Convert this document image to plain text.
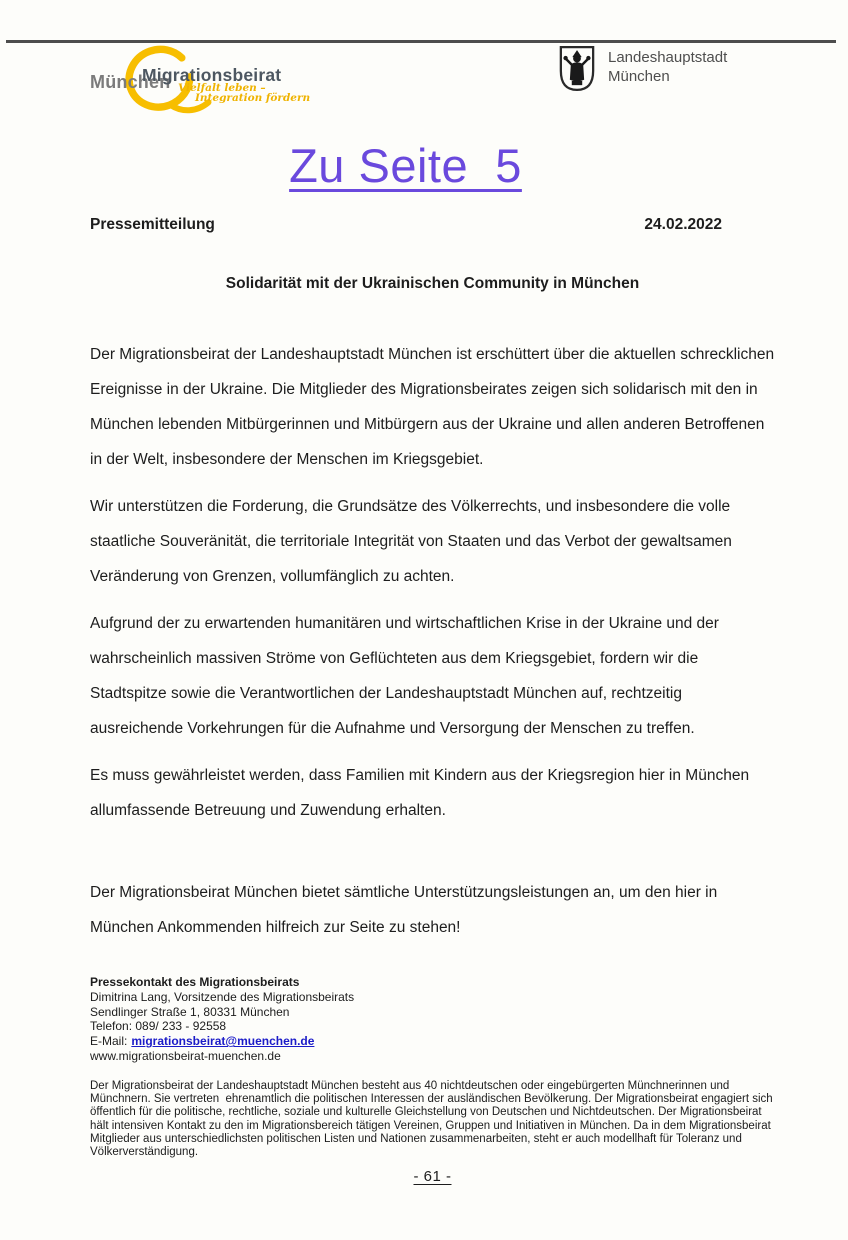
München
Migrationsbeirat
Vielfalt leben –
Integration fördern
Landeshauptstadt
München
Zu Seite  5
Pressemitteilung	24.02.2022
Solidarität mit der Ukrainischen Community in München

Der Migrationsbeirat der Landeshauptstadt München ist erschüttert über die aktuellen schrecklichen Ereignisse in der Ukraine. Die Mitglieder des Migrationsbeirates zeigen sich solidarisch mit den in München lebenden Mitbürgerinnen und Mitbürgern aus der Ukraine und allen anderen Betroffenen in der Welt, insbesondere der Menschen im Kriegsgebiet.

Wir unterstützen die Forderung, die Grundsätze des Völkerrechts, und insbesondere die volle staatliche Souveränität, die territoriale Integrität von Staaten und das Verbot der gewaltsamen Veränderung von Grenzen, vollumfänglich zu achten.

Aufgrund der zu erwartenden humanitären und wirtschaftlichen Krise in der Ukraine und der wahrscheinlich massiven Ströme von Geflüchteten aus dem Kriegsgebiet, fordern wir die Stadtspitze sowie die Verantwortlichen der Landeshauptstadt München auf, rechtzeitig ausreichende Vorkehrungen für die Aufnahme und Versorgung der Menschen zu treffen.

Es muss gewährleistet werden, dass Familien mit Kindern aus der Kriegsregion hier in München allumfassende Betreuung und Zuwendung erhalten.

Der Migrationsbeirat München bietet sämtliche Unterstützungsleistungen an, um den hier in München Ankommenden hilfreich zur Seite zu stehen!

Pressekontakt des Migrationsbeirats
Dimitrina Lang, Vorsitzende des Migrationsbeirats
Sendlinger Straße 1, 80331 München
Telefon: 089/ 233 - 92558
E-Mail: migrationsbeirat@muenchen.de
www.migrationsbeirat-muenchen.de
Der Migrationsbeirat der Landeshauptstadt München besteht aus 40 nichtdeutschen oder eingebürgerten Münchnerinnen und Münchnern. Sie vertreten  ehrenamtlich die politischen Interessen der ausländischen Bevölkerung. Der Migrationsbeirat engagiert sich öffentlich für die politische, rechtliche, soziale und kulturelle Gleichstellung von Deutschen und Nichtdeutschen. Der Migrationsbeirat hält intensiven Kontakt zu den im Migrationsbereich tätigen Vereinen, Gruppen und Initiativen in München. Da in dem Migrationsbeirat Mitglieder aus unterschiedlichsten politischen Listen und Nationen zusammenarbeiten, steht er auch modellhaft für Toleranz und Völkerverständigung.
- 61 -
